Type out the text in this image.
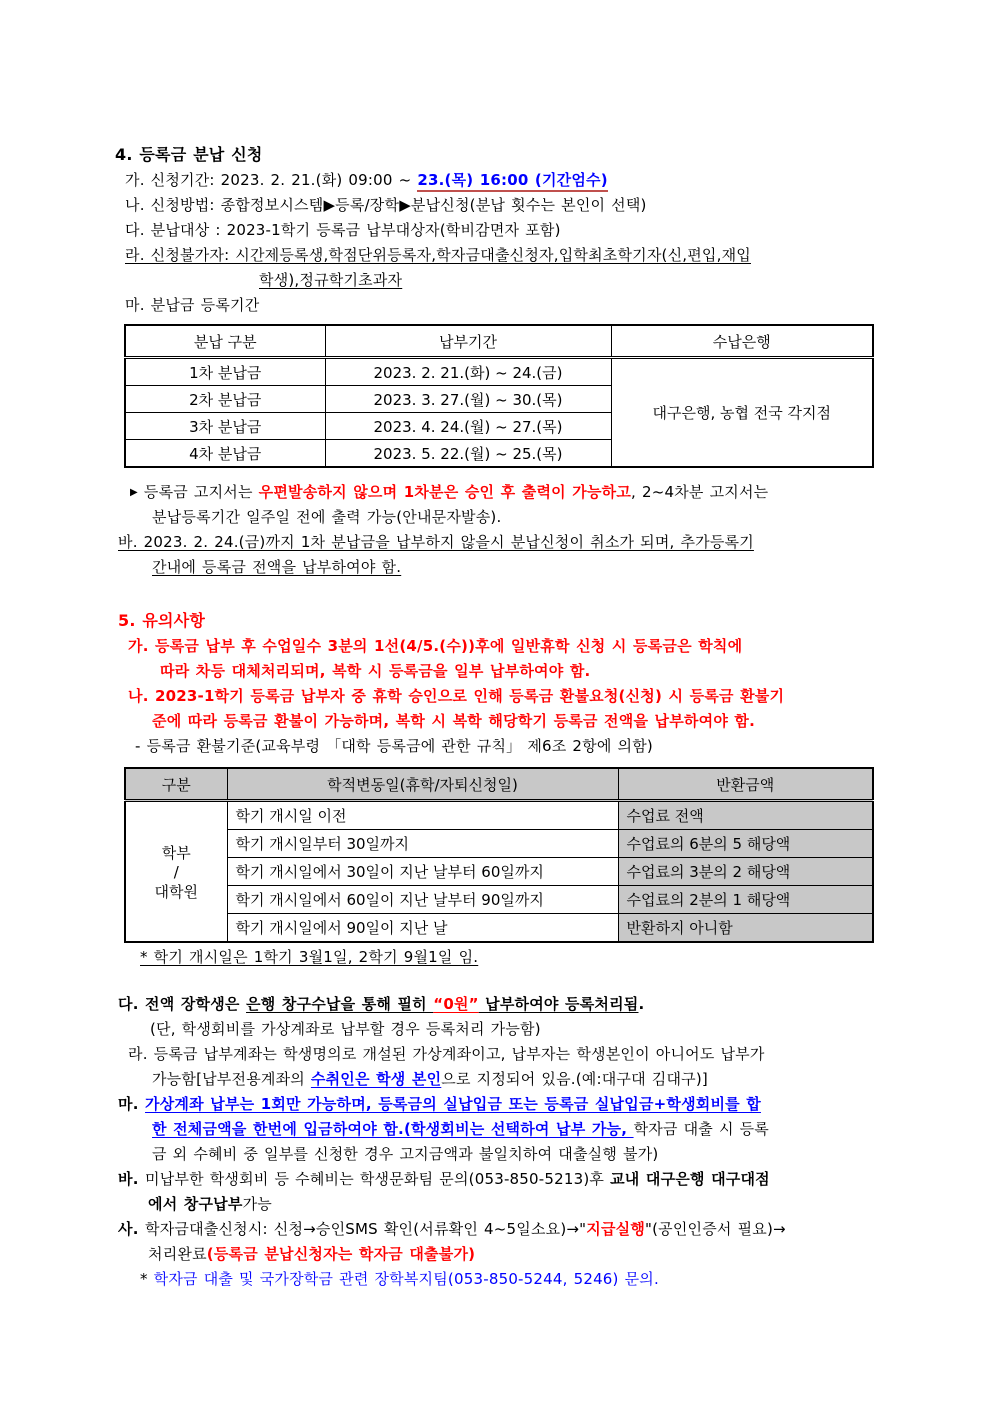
4. 등록금 분납 신청
가. 신청기간: 2023. 2. 21.(화) 09:00 ~ 23.(목) 16:00 (기간엄수)
나. 신청방법: 종합정보시스템▶등록/장학▶분납신청(분납 횟수는 본인이 선택)
다. 분납대상 : 2023-1학기 등록금 납부대상자(학비감면자 포함)
라. 신청불가자: 시간제등록생,학점단위등록자,학자금대출신청자,입학최초학기자(신,편입,재입
학생),정규학기초과자
마. 분납금 등록기간
분납 구분	납부기간	수납은행
1차 분납금	2023. 2. 21.(화) ~ 24.(금)	대구은행, 농협 전국 각지점
2차 분납금	2023. 3. 27.(월) ~ 30.(목)	
3차 분납금	2023. 4. 24.(월) ~ 27.(목)	
4차 분납금	2023. 5. 22.(월) ~ 25.(목)	
▶ 등록금 고지서는 우편발송하지 않으며 1차분은 승인 후 출력이 가능하고, 2~4차분 고지서는
분납등록기간 일주일 전에 출력 가능(안내문자발송).
바. 2023. 2. 24.(금)까지 1차 분납금을 납부하지 않을시 분납신청이 취소가 되며, 추가등록기
간내에 등록금 전액을 납부하여야 함.
5. 유의사항
가. 등록금 납부 후 수업일수 3분의 1선(4/5.(수))후에 일반휴학 신청 시 등록금은 학칙에
따라 차등 대체처리되며, 복학 시 등록금을 일부 납부하여야 함.
나. 2023-1학기 등록금 납부자 중 휴학 승인으로 인해 등록금 환불요청(신청) 시 등록금 환불기
준에 따라 등록금 환불이 가능하며, 복학 시 복학 해당학기 등록금 전액을 납부하여야 함.
- 등록금 환불기준(교육부령 「대학 등록금에 관한 규칙」 제6조 2항에 의함)
구분	학적변동일(휴학/자퇴신청일)	반환금액

학부
/
대학원	학기 개시일 이전	수업료 전액
	학기 개시일부터 30일까지	수업료의 6분의 5 해당액
	학기 개시일에서 30일이 지난 날부터 60일까지	수업료의 3분의 2 해당액
	학기 개시일에서 60일이 지난 날부터 90일까지	수업료의 2분의 1 해당액
	학기 개시일에서 90일이 지난 날	반환하지 아니함
* 학기 개시일은 1학기 3월1일, 2학기 9월1일 임.
다. 전액 장학생은 은행 창구수납을 통해 필히 “0원” 납부하여야 등록처리됨.
(단, 학생회비를 가상계좌로 납부할 경우 등록처리 가능함)
라. 등록금 납부계좌는 학생명의로 개설된 가상계좌이고, 납부자는 학생본인이 아니어도 납부가
가능함[납부전용계좌의 수취인은 학생 본인으로 지정되어 있음.(예:대구대 김대구)]
마. 가상계좌 납부는 1회만 가능하며, 등록금의 실납입금 또는 등록금 실납입금+학생회비를 합
한 전체금액을 한번에 입금하여야 함.(학생회비는 선택하여 납부 가능, 학자금 대출 시 등록
금 외 수혜비 중 일부를 신청한 경우 고지금액과 불일치하여 대출실행 불가)
바. 미납부한 학생회비 등 수혜비는 학생문화팀 문의(053-850-5213)후 교내 대구은행 대구대점
에서 창구납부가능
사. 학자금대출신청시: 신청→승인SMS 확인(서류확인 4~5일소요)→"지급실행"(공인인증서 필요)→
처리완료(등록금 분납신청자는 학자금 대출불가)
* 학자금 대출 및 국가장학금 관련 장학복지팀(053-850-5244, 5246) 문의.
